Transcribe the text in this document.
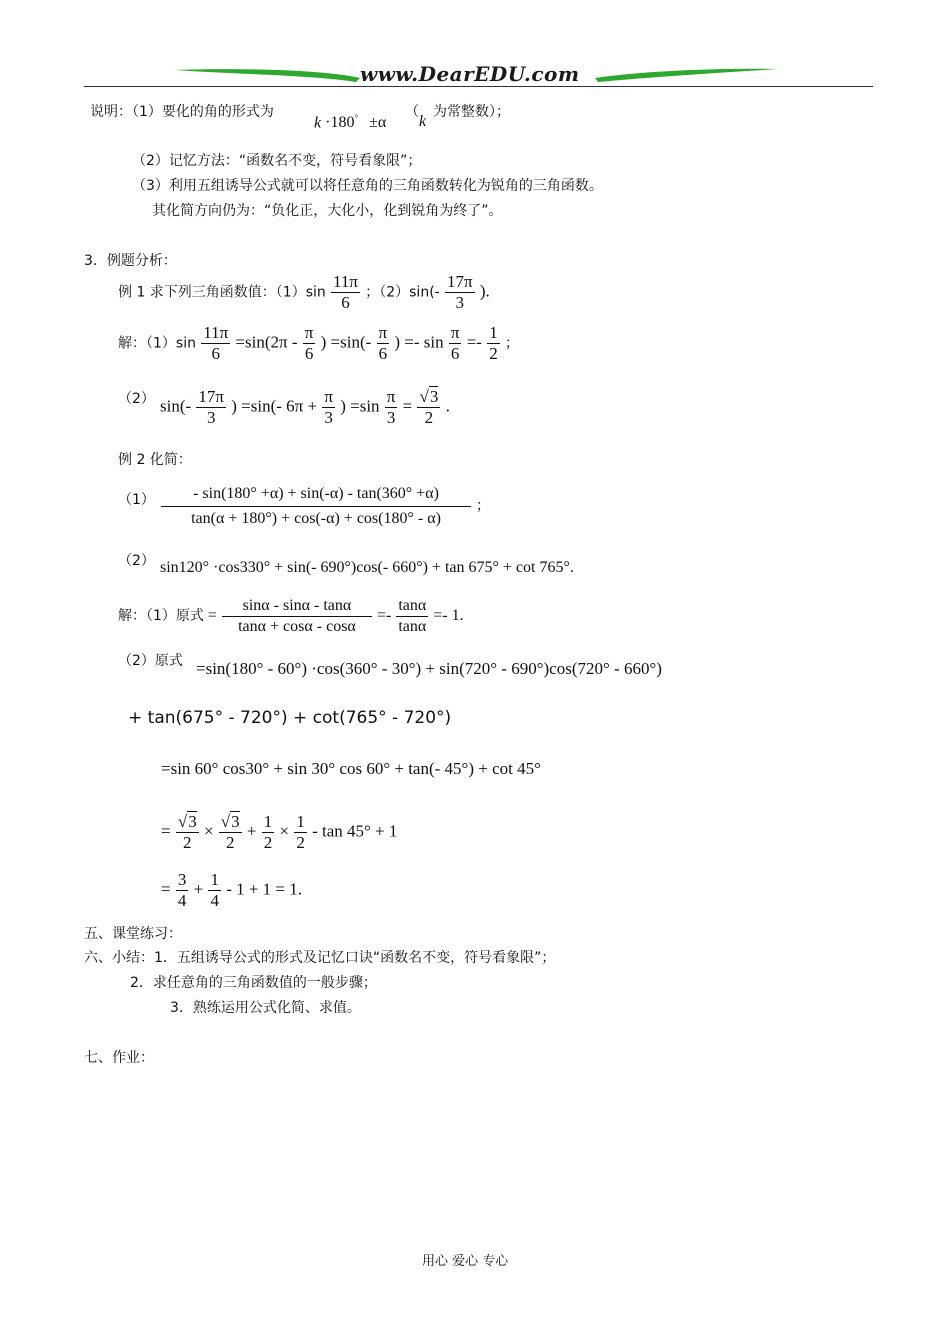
www.DearEDU.com
说明：（1）要化的角的形式为
k ·180° ±α
（
k
为常整数）；
（2）记忆方法：“函数名不变，符号看象限”；
（3）利用五组诱导公式就可以将任意角的三角函数转化为锐角的三角函数。
其化简方向仍为：“负化正，大化小，化到锐角为终了”。
3．例题分析：
例 1 求下列三角函数值：$(1)\sin \frac{11\pi}{6}$ ；$(2)\sin(- \frac{17\pi}{3}$ ).
解：$(1)\sin \frac{11\pi}{6} =\sin(2\pi - \frac{\pi}{6}$ ) $=\sin(- \frac{\pi}{6}$ ) =- $\sin \frac{\pi}{6} =- \frac{1}{2}$ ；
（2） $\sin(- \frac{17\pi}{3}$ ) =sin(- $6\pi + \frac{\pi}{3}$ ) $=\sin \frac{\pi}{3} = \frac{√3}{2}$ .
例 2 化简：
$(1) \frac{- \sin(180^\circ +\alpha) + \sin(-\alpha) - \tan(360^\circ +\alpha)}{\tan(\alpha + 180^\circ) + \cos(-\alpha) + \cos(180^\circ - \alpha)}$ ；
（2） sin120° ·cos330° + sin(- 690°)cos(- 660°) + tan 675° + cot 765°.
解：（1）原式 = $\frac{\sin\alpha - \sin\alpha - \tan\alpha}{\tan\alpha + \cos\alpha - \cos\alpha} =- \frac{\tan\alpha}{\tan\alpha} =- 1$.
（2）原式 =sin(180° - 60°) ·cos(360° - 30°) + sin(720° - 690°)cos(720° - 660°)
+ tan(675° - 720°) + cot(765° - 720°)
=sin 60° cos30° + sin 30° cos 60° + tan(- 45°) + cot 45°
= $\frac{√3}{2} \times \frac{√3}{2} + \frac{1}{2} \times \frac{1}{2} - \tan 45^\circ + 1$
= $\frac{3}{4} + \frac{1}{4} - 1 + 1 = 1$.
五、课堂练习：
六、小结：1．五组诱导公式的形式及记忆口诀“函数名不变，符号看象限”；
2．求任意角的三角函数值的一般步骤；
3．熟练运用公式化简、求值。
七、作业：
用心 爱心 专心
